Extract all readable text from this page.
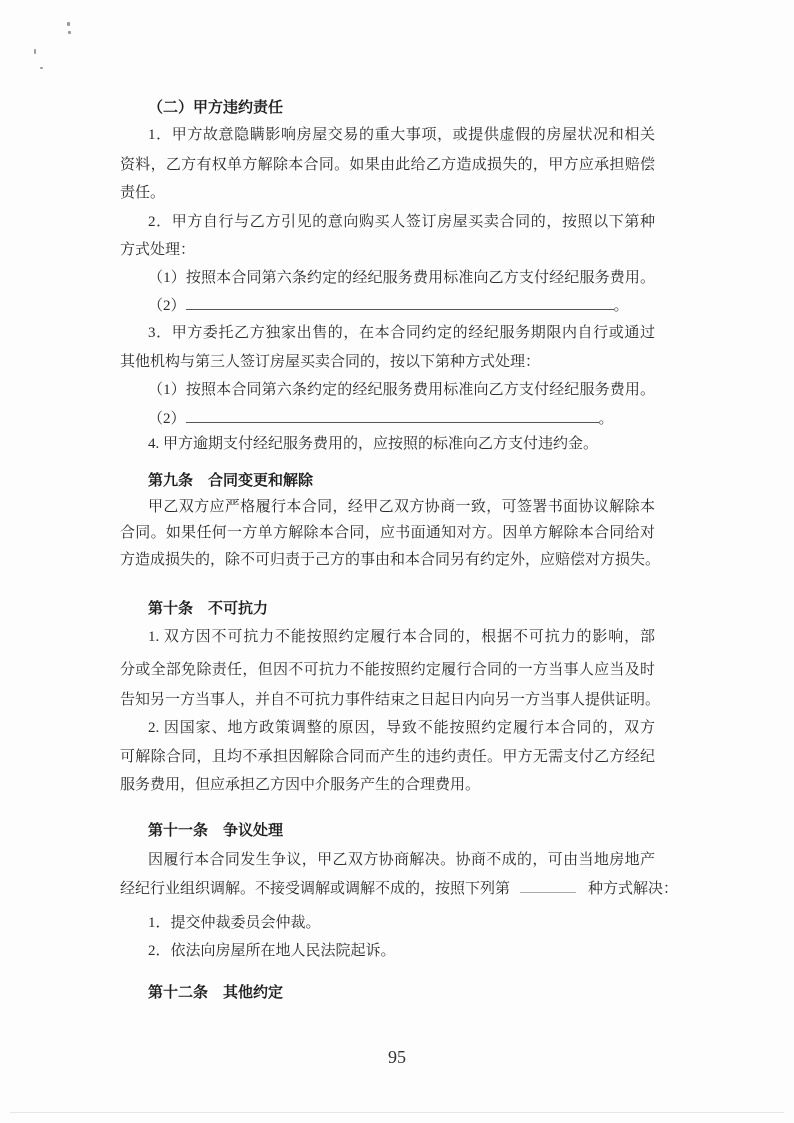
（二）甲方违约责任
1．甲方故意隐瞒影响房屋交易的重大事项，或提供虚假的房屋状况和相关
资料，乙方有权单方解除本合同。如果由此给乙方造成损失的，甲方应承担赔偿
责任。
2．甲方自行与乙方引见的意向购买人签订房屋买卖合同的，按照以下第种
方式处理：
（1）按照本合同第六条约定的经纪服务费用标准向乙方支付经纪服务费用。
（2）	。
3．甲方委托乙方独家出售的，在本合同约定的经纪服务期限内自行或通过
其他机构与第三人签订房屋买卖合同的，按以下第种方式处理：
（1）按照本合同第六条约定的经纪服务费用标准向乙方支付经纪服务费用。
（2）	。
4. 甲方逾期支付经纪服务费用的，应按照的标准向乙方支付违约金。
第九条　合同变更和解除
甲乙双方应严格履行本合同，经甲乙双方协商一致，可签署书面协议解除本
合同。如果任何一方单方解除本合同，应书面通知对方。因单方解除本合同给对
方造成损失的，除不可归责于己方的事由和本合同另有约定外，应赔偿对方损失。
第十条　不可抗力
1. 双方因不可抗力不能按照约定履行本合同的，根据不可抗力的影响，部
分或全部免除责任，但因不可抗力不能按照约定履行合同的一方当事人应当及时
告知另一方当事人，并自不可抗力事件结束之日起日内向另一方当事人提供证明。
2. 因国家、地方政策调整的原因，导致不能按照约定履行本合同的，双方
可解除合同，且均不承担因解除合同而产生的违约责任。甲方无需支付乙方经纪
服务费用，但应承担乙方因中介服务产生的合理费用。
第十一条　争议处理
因履行本合同发生争议，甲乙双方协商解决。协商不成的，可由当地房地产
经纪行业组织调解。不接受调解或调解不成的，按照下列第	种方式解决：
1．提交仲裁委员会仲裁。
2．依法向房屋所在地人民法院起诉。
第十二条　其他约定
95
